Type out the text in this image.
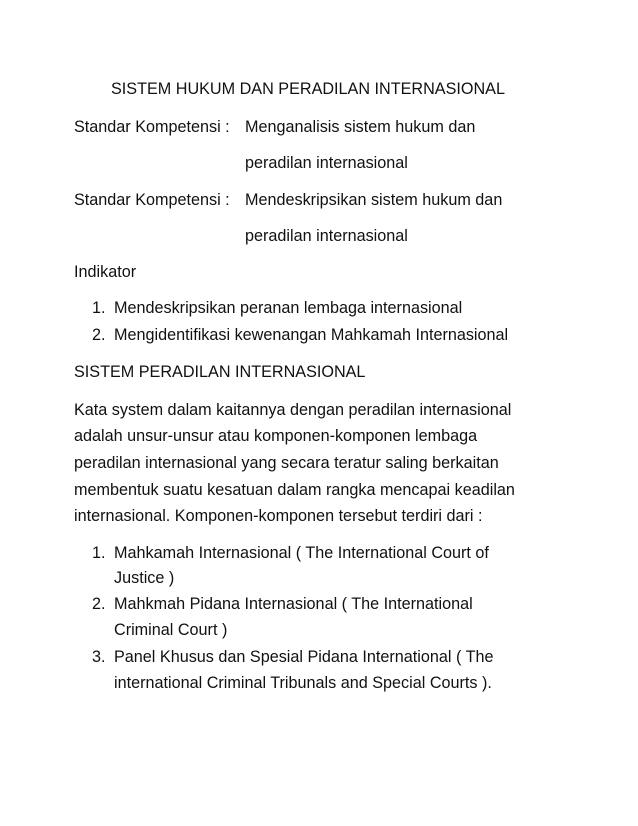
SISTEM HUKUM DAN PERADILAN INTERNASIONAL
Standar Kompetensi : Menganalisis sistem hukum dan
peradilan internasional
Standar Kompetensi : Mendeskripsikan sistem hukum dan
peradilan internasional
Indikator
1. Mendeskripsikan peranan lembaga internasional
2. Mengidentifikasi kewenangan Mahkamah Internasional
SISTEM PERADILAN INTERNASIONAL
Kata system dalam kaitannya dengan peradilan internasional
adalah unsur-unsur atau komponen-komponen lembaga
peradilan internasional yang secara teratur saling berkaitan
membentuk suatu kesatuan dalam rangka mencapai keadilan
internasional. Komponen-komponen tersebut terdiri dari :
1. Mahkamah Internasional ( The International Court of
Justice )
2. Mahkmah Pidana Internasional ( The International
Criminal Court )
3. Panel Khusus dan Spesial Pidana International ( The
international Criminal Tribunals and Special Courts ).
